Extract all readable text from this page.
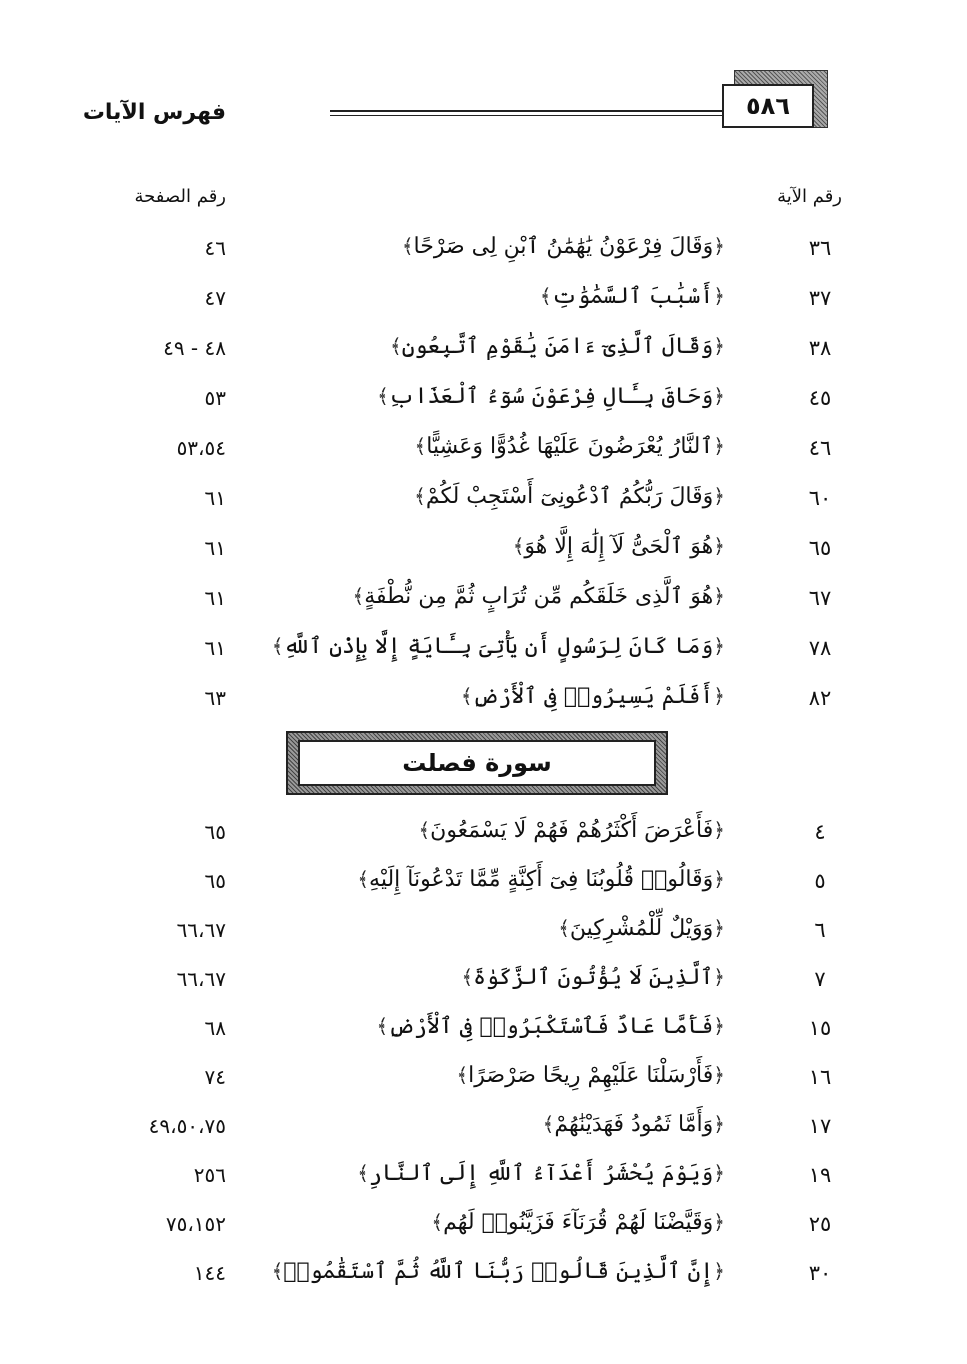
٥٨٦
فهرس الآيات
رقم الآية
رقم الصفحة
٣٦
﴿وَقَالَ فِرْعَوْنُ يَٰهَٰمَٰنُ ٱبْنِ لِى صَرْحًا﴾
٤٦
٣٧
﴿أَسْبَٰبَ ٱلسَّمَٰوَٰتِ﴾
٤٧
٣٨
﴿وَقَالَ ٱلَّذِىٓ ءَامَنَ يَٰقَوْمِ ٱتَّبِعُونِ﴾
٤٨ - ٤٩
٤٥
﴿وَحَاقَ بِـَٔالِ فِرْعَوْنَ سُوٓءُ ٱلْعَذَابِ﴾
٥٣
٤٦
﴿ٱلنَّارُ يُعْرَضُونَ عَلَيْهَا غُدُوًّا وَعَشِيًّا﴾
٥٣،٥٤
٦٠
﴿وَقَالَ رَبُّكُمُ ٱدْعُونِىٓ أَسْتَجِبْ لَكُمْ﴾
٦١
٦٥
﴿هُوَ ٱلْحَىُّ لَآ إِلَٰهَ إِلَّا هُوَ﴾
٦١
٦٧
﴿هُوَ ٱلَّذِى خَلَقَكُم مِّن تُرَابٍ ثُمَّ مِن نُّطْفَةٍ﴾
٦١
٧٨
﴿وَمَا كَانَ لِرَسُولٍ أَن يَأْتِىَ بِـَٔايَةٍ إِلَّا بِإِذْنِ ٱللَّهِ﴾
٦١
٨٢
﴿أَفَلَمْ يَسِيرُوا۟ فِى ٱلْأَرْضِ﴾
٦٣
سورة فصلت
٤
﴿فَأَعْرَضَ أَكْثَرُهُمْ فَهُمْ لَا يَسْمَعُونَ﴾
٦٥
٥
﴿وَقَالُوا۟ قُلُوبُنَا فِىٓ أَكِنَّةٍ مِّمَّا تَدْعُونَآ إِلَيْهِ﴾
٦٥
٦
﴿وَوَيْلٌ لِّلْمُشْرِكِينَ﴾
٦٦،٦٧
٧
﴿ٱلَّذِينَ لَا يُؤْتُونَ ٱلزَّكَوٰةَ﴾
٦٦،٦٧
١٥
﴿فَأَمَّا عَادٌ فَٱسْتَكْبَرُوا۟ فِى ٱلْأَرْضِ﴾
٦٨
١٦
﴿فَأَرْسَلْنَا عَلَيْهِمْ رِيحًا صَرْصَرًا﴾
٧٤
١٧
﴿وَأَمَّا ثَمُودُ فَهَدَيْنَٰهُمْ﴾
٤٩،٥٠،٧٥
١٩
﴿وَيَوْمَ يُحْشَرُ أَعْدَآءُ ٱللَّهِ إِلَى ٱلنَّارِ﴾
٢٥٦
٢٥
﴿وَقَيَّضْنَا لَهُمْ قُرَنَآءَ فَزَيَّنُوا۟ لَهُم﴾
٧٥،١٥٢
٣٠
﴿إِنَّ ٱلَّذِينَ قَالُوا۟ رَبُّنَا ٱللَّهُ ثُمَّ ٱسْتَقَٰمُوا۟﴾
١٤٤
